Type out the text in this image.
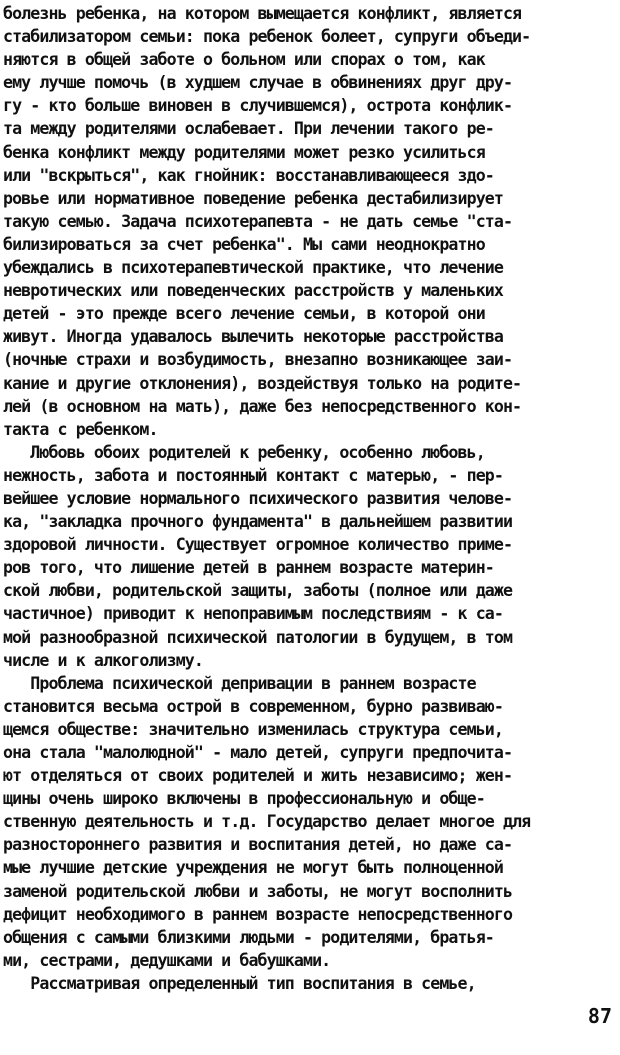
болезнь ребенка, на котором вымещается конфликт, является
стабилизатором семьи: пока ребенок болеет, супруги объеди-
няются в общей заботе о больном или спорах о том, как
ему лучше помочь (в худшем случае в обвинениях друг дру-
гу - кто больше виновен в случившемся), острота конфлик-
та между родителями ослабевает. При лечении такого ре-
бенка конфликт между родителями может резко усилиться
или "вскрыться", как гнойник: восстанавливающееся здо-
ровье или нормативное поведение ребенка дестабилизирует
такую семью. Задача психотерапевта - не дать семье "ста-
билизироваться за счет ребенка". Мы сами неоднократно
убеждались в психотерапевтической практике, что лечение
невротических или поведенческих расстройств у маленьких
детей - это прежде всего лечение семьи, в которой они
живут. Иногда удавалось вылечить некоторые расстройства
(ночные страхи и возбудимость, внезапно возникающее заи-
кание и другие отклонения), воздействуя только на родите-
лей (в основном на мать), даже без непосредственного кон-
такта с ребенком.
Любовь обоих родителей к ребенку, особенно любовь,
нежность, забота и постоянный контакт с матерью, - пер-
вейшее условие нормального психического развития челове-
ка, "закладка прочного фундамента" в дальнейшем развитии
здоровой личности. Существует огромное количество приме-
ров того, что лишение детей в раннем возрасте материн-
ской любви, родительской защиты, заботы (полное или даже
частичное) приводит к непоправимым последствиям - к са-
мой разнообразной психической патологии в будущем, в том
числе и к алкоголизму.
Проблема психической депривации в раннем возрасте
становится весьма острой в современном, бурно развиваю-
щемся обществе: значительно изменилась структура семьи,
она стала "малолюдной" - мало детей, супруги предпочита-
ют отделяться от своих родителей и жить независимо; жен-
щины очень широко включены в профессиональную и обще-
ственную деятельность и т.д. Государство делает многое для
разностороннего развития и воспитания детей, но даже са-
мые лучшие детские учреждения не могут быть полноценной
заменой родительской любви и заботы, не могут восполнить
дефицит необходимого в раннем возрасте непосредственного
общения с самыми близкими людьми - родителями, братья-
ми, сестрами, дедушками и бабушками.
Рассматривая определенный тип воспитания в семье,
87
